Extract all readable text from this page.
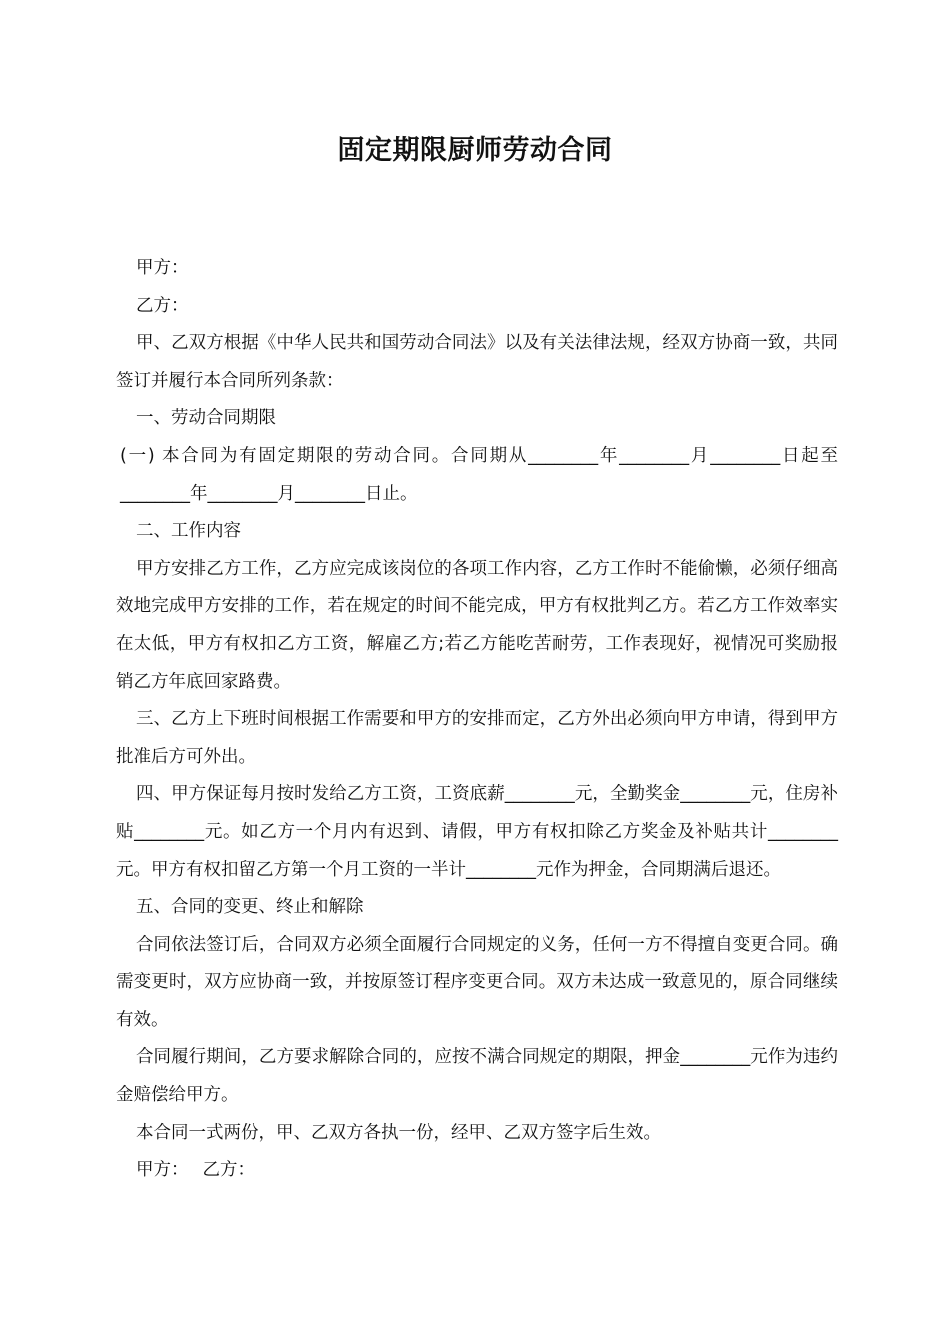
固定期限厨师劳动合同

甲方：

乙方：

甲、乙双方根据《中华人民共和国劳动合同法》以及有关法律法规，经双方协商一致，共同签订并履行本合同所列条款：

一、劳动合同期限

(一) 本合同为有固定期限的劳动合同。合同期从________年________月________日起至________年________月________日止。

二、工作内容

甲方安排乙方工作，乙方应完成该岗位的各项工作内容，乙方工作时不能偷懒，必须仔细高效地完成甲方安排的工作，若在规定的时间不能完成，甲方有权批判乙方。若乙方工作效率实在太低，甲方有权扣乙方工资，解雇乙方;若乙方能吃苦耐劳，工作表现好，视情况可奖励报销乙方年底回家路费。

三、乙方上下班时间根据工作需要和甲方的安排而定，乙方外出必须向甲方申请，得到甲方批准后方可外出。

四、甲方保证每月按时发给乙方工资，工资底薪________元，全勤奖金________元，住房补贴________元。如乙方一个月内有迟到、请假，甲方有权扣除乙方奖金及补贴共计________元。甲方有权扣留乙方第一个月工资的一半计________元作为押金，合同期满后退还。

五、合同的变更、终止和解除

合同依法签订后，合同双方必须全面履行合同规定的义务，任何一方不得擅自变更合同。确需变更时，双方应协商一致，并按原签订程序变更合同。双方未达成一致意见的，原合同继续有效。

合同履行期间，乙方要求解除合同的，应按不满合同规定的期限，押金________元作为违约金赔偿给甲方。

本合同一式两份，甲、乙双方各执一份，经甲、乙双方签字后生效。

甲方： 乙方：
